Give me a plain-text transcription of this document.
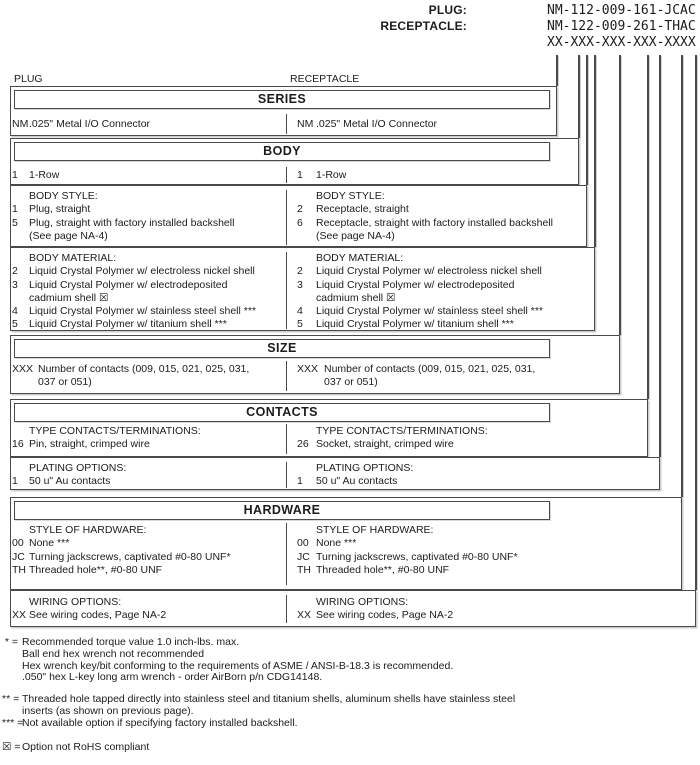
PLUG:	NM-112-009-161-JCAC
RECEPTACLE:	NM-122-009-261-THAC
XX-XXX-XXX-XXX-XXXX
PLUG	RECEPTACLE
SERIES
NM .025" Metal I/O Connector	NM .025" Metal I/O Connector
BODY
1	1-Row	1	1-Row
BODY STYLE:
1	Plug, straight
5	Plug, straight with factory installed backshell
(See page NA-4)
BODY STYLE:
2	Receptacle, straight
6	Receptacle, straight with factory installed backshell
(See page NA-4)
BODY MATERIAL:
2	Liquid Crystal Polymer w/ electroless nickel shell
3	Liquid Crystal Polymer w/ electrodeposited
cadmium shell ☒
4	Liquid Crystal Polymer w/ stainless steel shell ***
5	Liquid Crystal Polymer w/ titanium shell ***
BODY MATERIAL:
2	Liquid Crystal Polymer w/ electroless nickel shell
3	Liquid Crystal Polymer w/ electrodeposited
cadmium shell ☒
4	Liquid Crystal Polymer w/ stainless steel shell ***
5	Liquid Crystal Polymer w/ titanium shell ***
SIZE
XXX Number of contacts (009, 015, 021, 025, 031,
037 or 051)
XXX Number of contacts (009, 015, 021, 025, 031,
037 or 051)
CONTACTS
TYPE CONTACTS/TERMINATIONS:
16 Pin, straight, crimped wire
TYPE CONTACTS/TERMINATIONS:
26 Socket, straight, crimped wire
PLATING OPTIONS:
1	50 u" Au contacts
PLATING OPTIONS:
1	50 u" Au contacts
HARDWARE
STYLE OF HARDWARE:
00 None ***
JC Turning jackscrews, captivated #0-80 UNF*
TH Threaded hole**, #0-80 UNF
STYLE OF HARDWARE:
00 None ***
JC Turning jackscrews, captivated #0-80 UNF*
TH Threaded hole**, #0-80 UNF
WIRING OPTIONS:
XX See wiring codes, Page NA-2
WIRING OPTIONS:
XX See wiring codes, Page NA-2
* = Recommended torque value 1.0 inch-lbs. max.
Ball end hex wrench not recommended
Hex wrench key/bit conforming to the requirements of ASME / ANSI-B-18.3 is recommended.
.050" hex L-key long arm wrench - order AirBorn p/n CDG14148.
** = Threaded hole tapped directly into stainless steel and titanium shells, aluminum shells have stainless steel
inserts (as shown on previous page).
*** =
Not available option if specifying factory installed backshell.
☒ = Option not RoHS compliant
